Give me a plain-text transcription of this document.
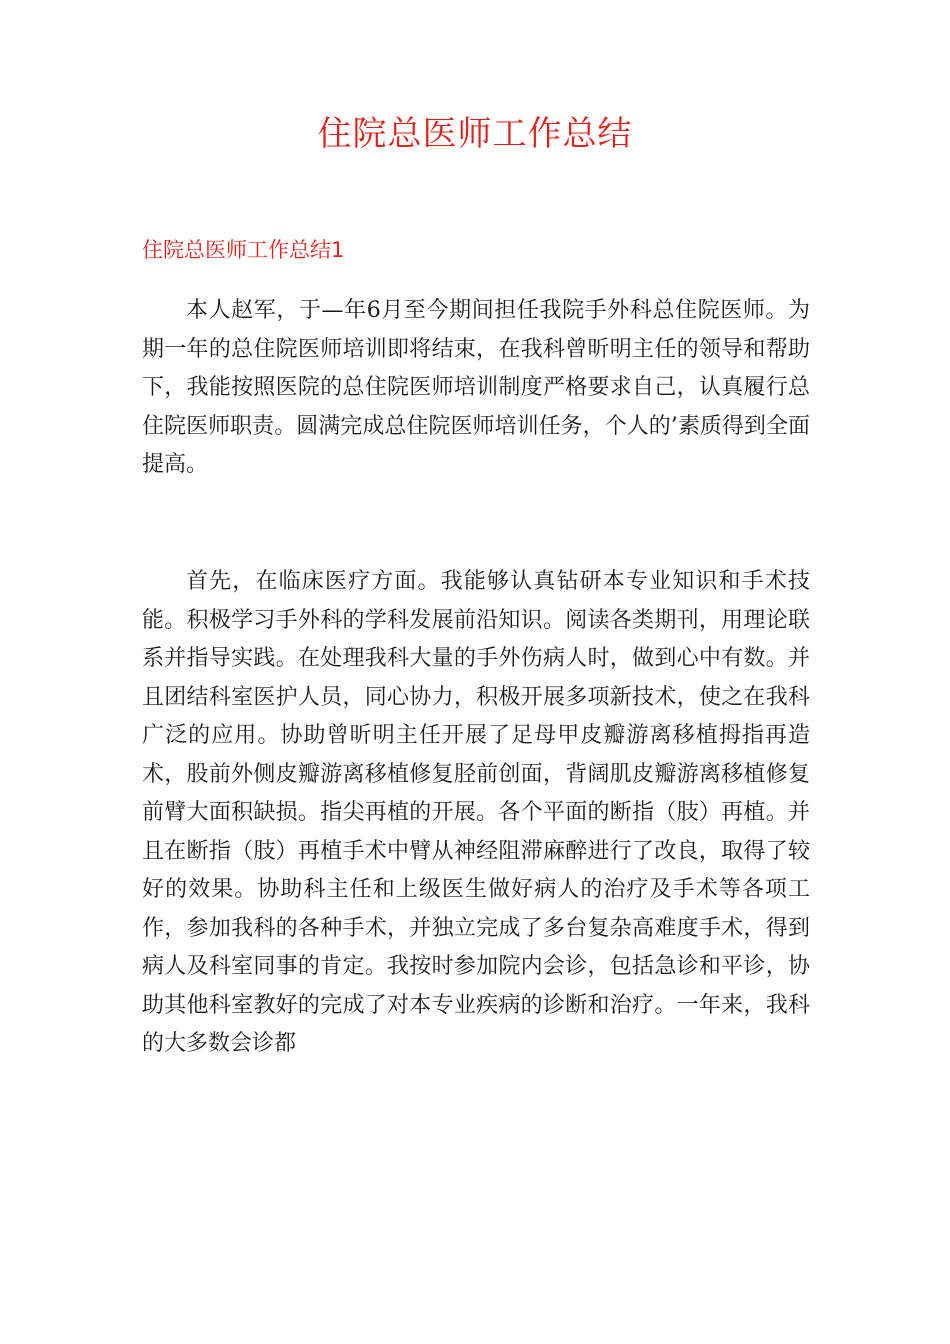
住院总医师工作总结
住院总医师工作总结1

本人赵军，于—年6月至今期间担任我院手外科总住院医师。为期一年的总住院医师培训即将结束，在我科曾昕明主任的领导和帮助下，我能按照医院的总住院医师培训制度严格要求自己，认真履行总住院医师职责。圆满完成总住院医师培训任务，个人的’素质得到全面提高。

首先，在临床医疗方面。我能够认真钻研本专业知识和手术技能。积极学习手外科的学科发展前沿知识。阅读各类期刊，用理论联系并指导实践。在处理我科大量的手外伤病人时，做到心中有数。并且团结科室医护人员，同心协力，积极开展多项新技术，使之在我科广泛的应用。协助曾昕明主任开展了足母甲皮瓣游离移植拇指再造术，股前外侧皮瓣游离移植修复胫前创面，背阔肌皮瓣游离移植修复前臂大面积缺损。指尖再植的开展。各个平面的断指（肢）再植。并且在断指（肢）再植手术中臂从神经阻滞麻醉进行了改良，取得了较好的效果。协助科主任和上级医生做好病人的治疗及手术等各项工作，参加我科的各种手术，并独立完成了多台复杂高难度手术，得到病人及科室同事的肯定。我按时参加院内会诊，包括急诊和平诊，协助其他科室教好的完成了对本专业疾病的诊断和治疗。一年来，我科的大多数会诊都
